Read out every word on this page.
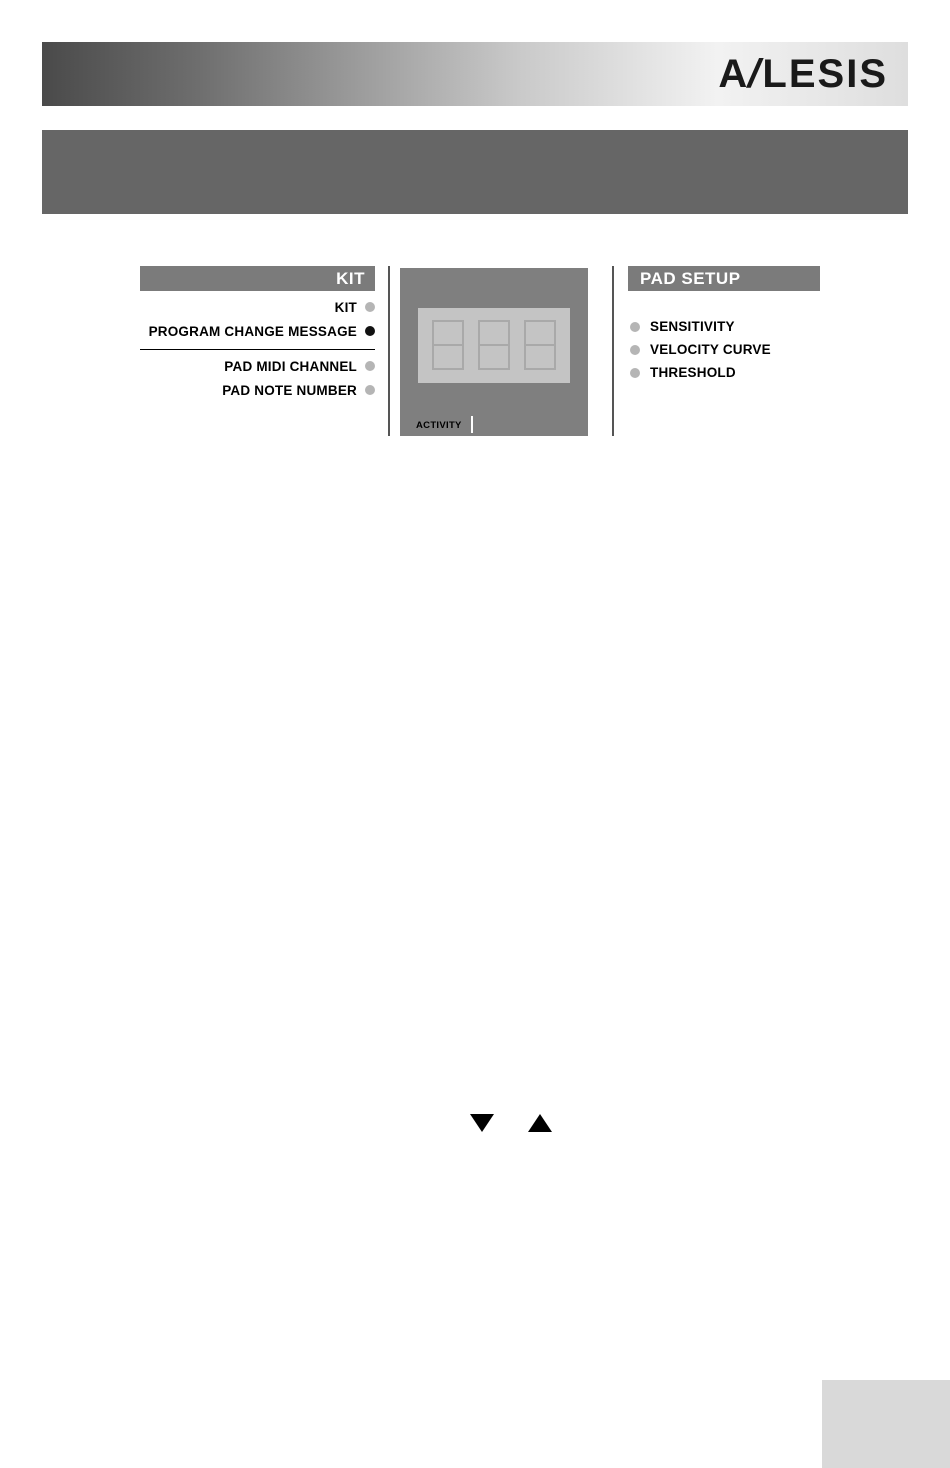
A/LESIS
KIT
KIT
PROGRAM CHANGE MESSAGE
PAD MIDI CHANNEL
PAD NOTE NUMBER
ACTIVITY
PAD SETUP
SENSITIVITY
VELOCITY CURVE
THRESHOLD
